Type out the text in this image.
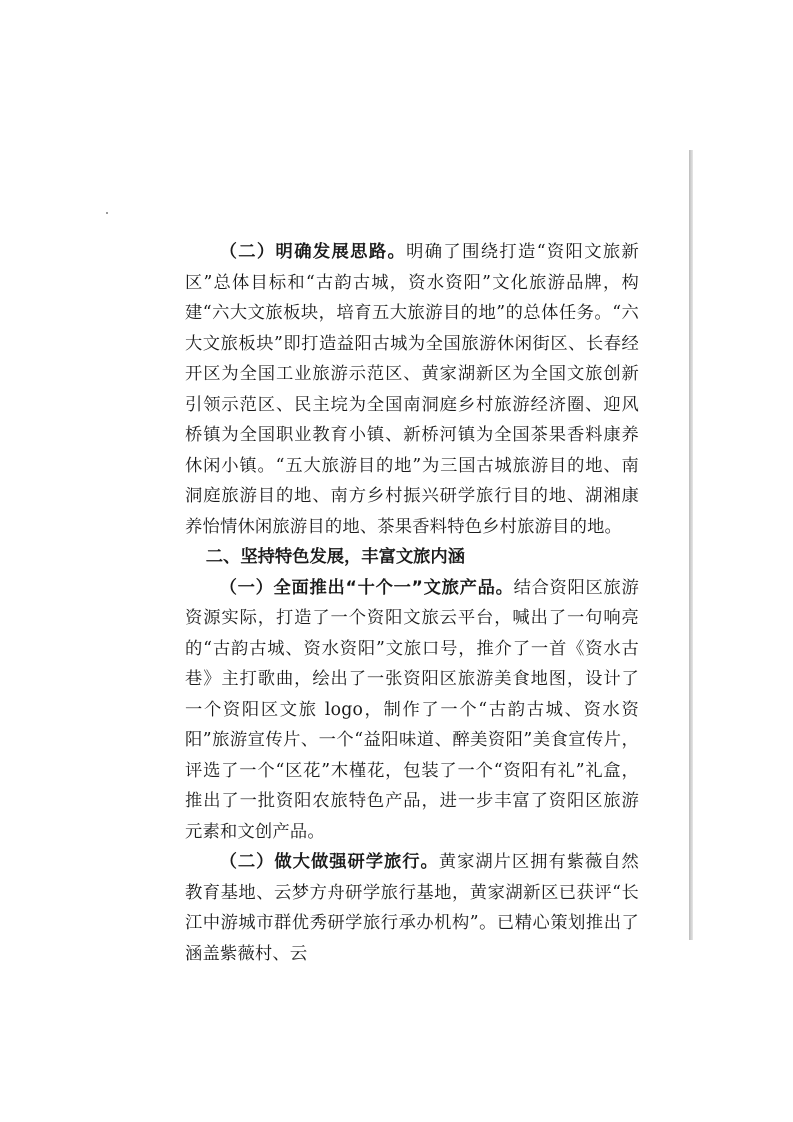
（二）明确发展思路。明确了围绕打造“资阳文旅新区”总体目标和“古韵古城，资水资阳”文化旅游品牌，构建“六大文旅板块，培育五大旅游目的地”的总体任务。“六大文旅板块”即打造益阳古城为全国旅游休闲街区、长春经开区为全国工业旅游示范区、黄家湖新区为全国文旅创新引领示范区、民主垸为全国南洞庭乡村旅游经济圈、迎风桥镇为全国职业教育小镇、新桥河镇为全国茶果香料康养休闲小镇。“五大旅游目的地”为三国古城旅游目的地、南洞庭旅游目的地、南方乡村振兴研学旅行目的地、湖湘康养怡情休闲旅游目的地、茶果香料特色乡村旅游目的地。

二、坚持特色发展，丰富文旅内涵

（一）全面推出“十个一”文旅产品。结合资阳区旅游资源实际，打造了一个资阳文旅云平台，喊出了一句响亮的“古韵古城、资水资阳”文旅口号，推介了一首《资水古巷》主打歌曲，绘出了一张资阳区旅游美食地图，设计了一个资阳区文旅 logo，制作了一个“古韵古城、资水资阳”旅游宣传片、一个“益阳味道、醉美资阳”美食宣传片，评选了一个“区花”木槿花，包装了一个“资阳有礼”礼盒，推出了一批资阳农旅特色产品，进一步丰富了资阳区旅游元素和文创产品。

（二）做大做强研学旅行。黄家湖片区拥有紫薇自然教育基地、云梦方舟研学旅行基地，黄家湖新区已获评“长江中游城市群优秀研学旅行承办机构”。已精心策划推出了涵盖紫薇村、云
